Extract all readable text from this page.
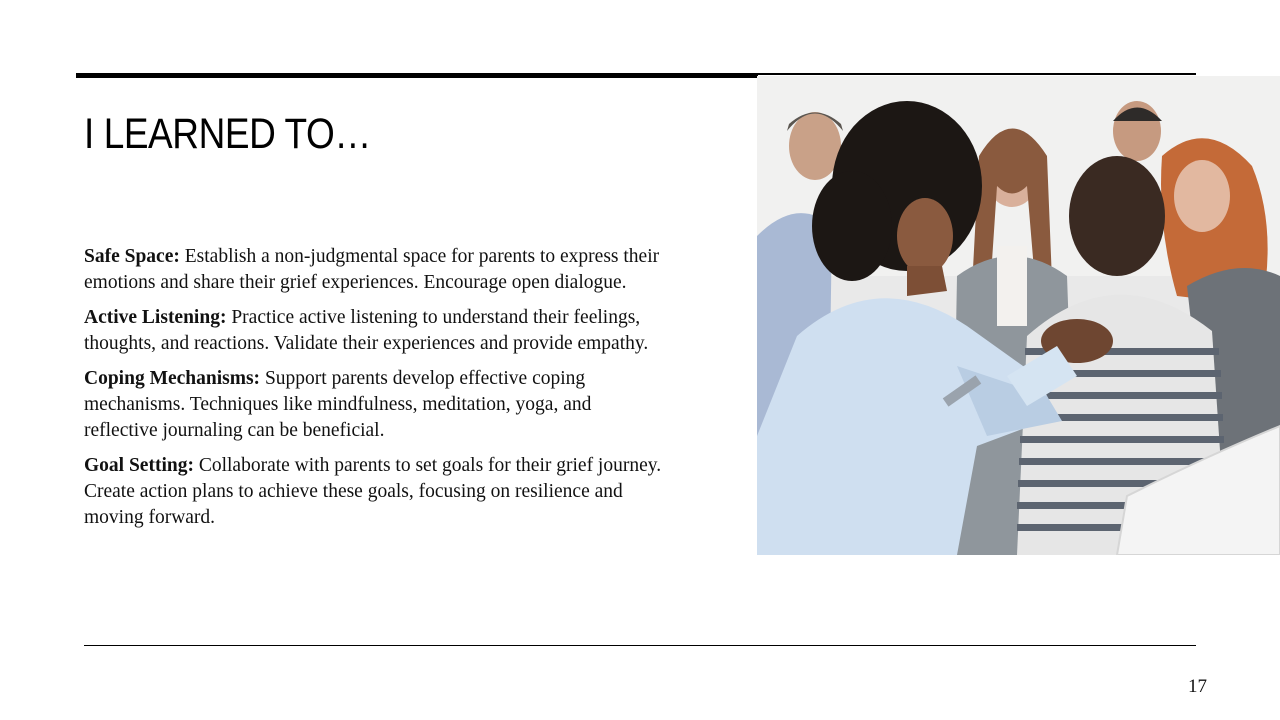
I LEARNED TO…

Safe Space: Establish a non-judgmental space for parents to express their emotions and share their grief experiences. Encourage open dialogue.

Active Listening: Practice active listening to understand their feelings, thoughts, and reactions. Validate their experiences and provide empathy.

Coping Mechanisms: Support parents develop effective coping mechanisms. Techniques like mindfulness, meditation, yoga, and reflective journaling can be beneficial.

Goal Setting: Collaborate with parents to set goals for their grief journey. Create action plans to achieve these goals, focusing on resilience and moving forward.

17
